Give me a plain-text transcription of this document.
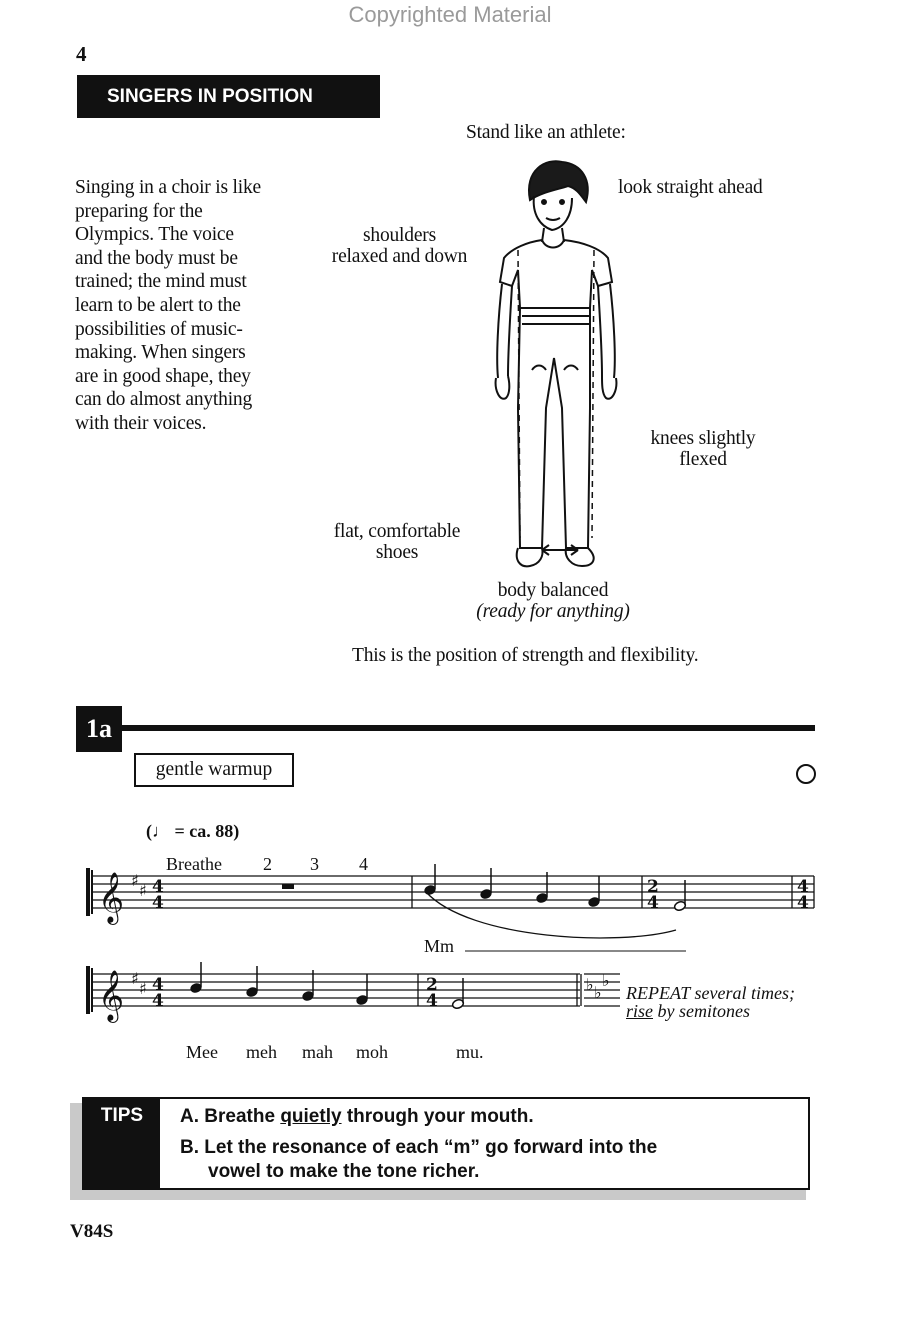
Copyrighted Material
4
SINGERS IN POSITION
Singing in a choir is like preparing for the Olympics. The voice and the body must be trained; the mind must learn to be alert to the possibilities of music-making. When singers are in good shape, they can do almost anything with their voices.
Stand like an athlete:
look straight ahead
shoulders
relaxed and down
knees slightly
flexed
flat, comfortable
shoes
body balanced
(ready for anything)
This is the position of strength and flexibility.
1a
gentle warmup
(♩ = ca. 88)
Breathe 2 3 4
𝄞
𝄞
♯
♯
♯
♯
4
4
4
4
2
4
4
4
2
4
♭ ♭
♭
Mm
Mee meh mah moh	mu.
REPEAT several times;
rise by semitones
TIPS	A. Breathe quietly through your mouth.
B. Let the resonance of each “m” go forward into the
vowel to make the tone richer.
V84S
